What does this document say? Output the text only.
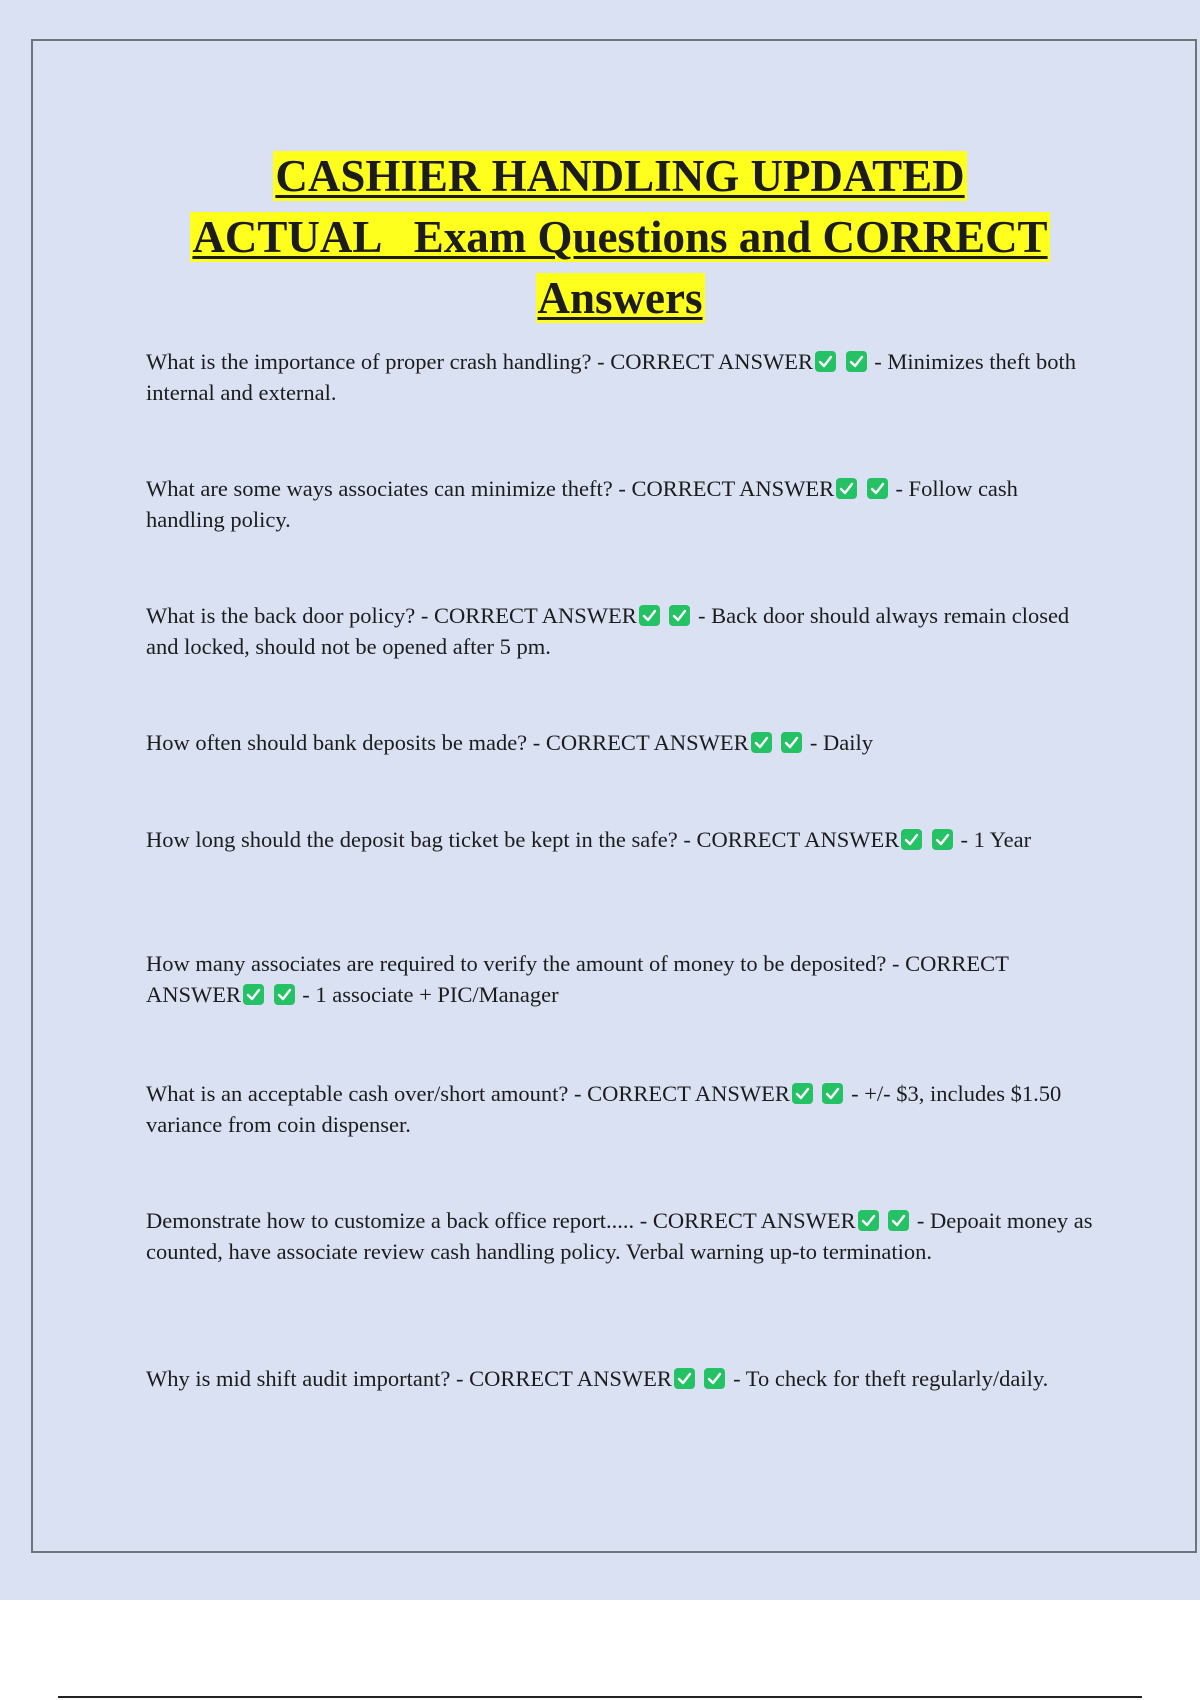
CASHIER HANDLING UPDATED
ACTUAL   Exam Questions and CORRECT
Answers
What is the importance of proper crash handling? - CORRECT ANSWER

- Minimizes theft both internal and external.
What are some ways associates can minimize theft? - CORRECT ANSWER

- Follow cash handling policy.
What is the back door policy? - CORRECT ANSWER

- Back door should always remain closed and locked, should not be opened after 5 pm.
How often should bank deposits be made? - CORRECT ANSWER

- Daily
How long should the deposit bag ticket be kept in the safe? - CORRECT ANSWER

- 1 Year
How many associates are required to verify the amount of money to be deposited? - CORRECT ANSWER

- 1 associate + PIC/Manager
What is an acceptable cash over/short amount? - CORRECT ANSWER

- +/- $3, includes $1.50 variance from coin dispenser.
Demonstrate how to customize a back office report..... - CORRECT ANSWER

- Depoait money as counted, have associate review cash handling policy. Verbal warning up-to termination.
Why is mid shift audit important? - CORRECT ANSWER

- To check for theft regularly/daily.
